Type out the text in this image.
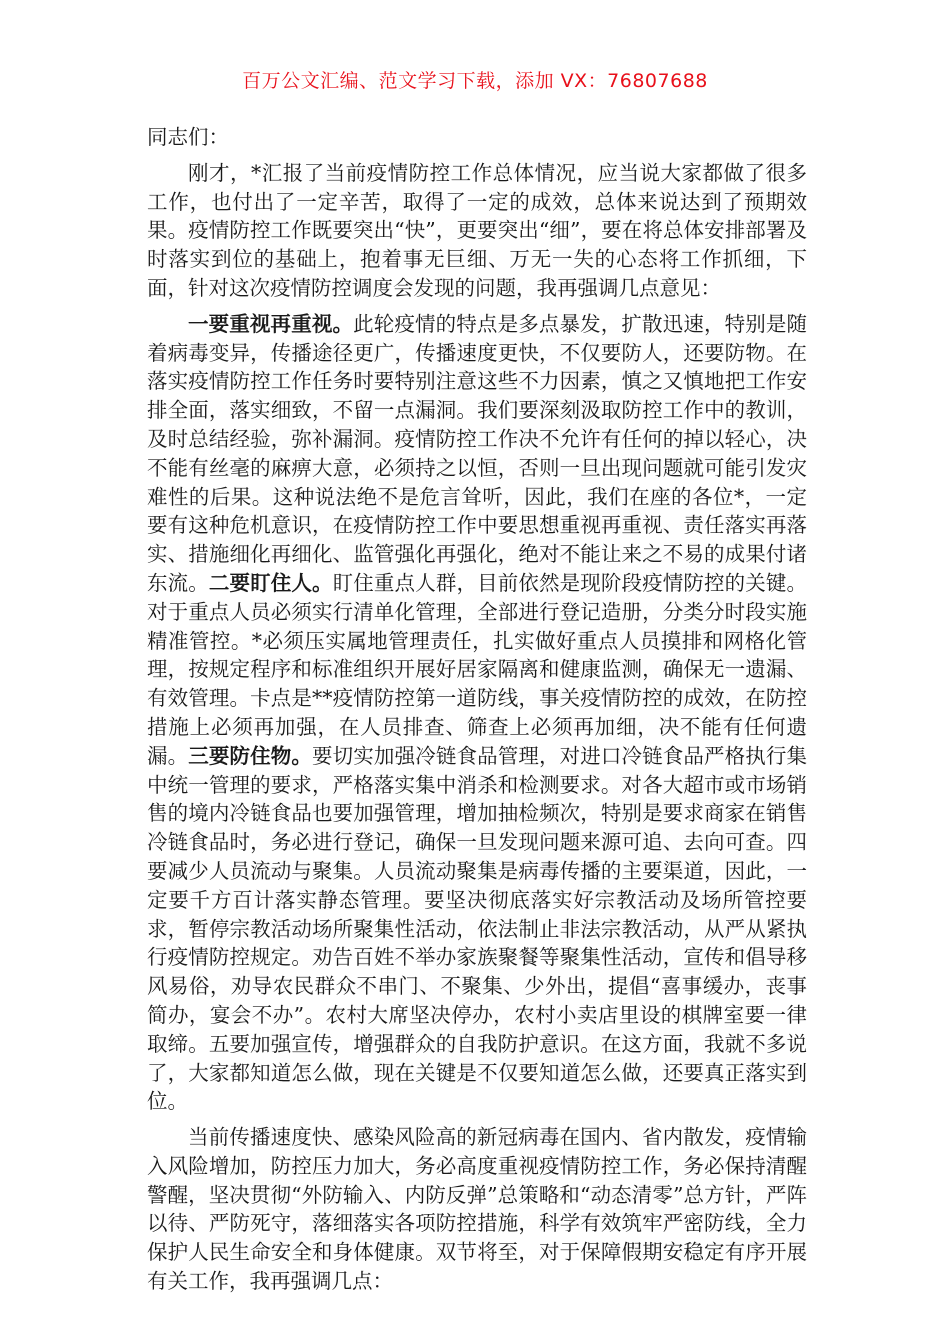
百万公文汇编、范文学习下载，添加 VX：76807688

同志们：

刚才，*汇报了当前疫情防控工作总体情况，应当说大家都做了很多工作，也付出了一定辛苦，取得了一定的成效，总体来说达到了预期效果。疫情防控工作既要突出“快”，更要突出“细”，要在将总体安排部署及时落实到位的基础上，抱着事无巨细、万无一失的心态将工作抓细，下面，针对这次疫情防控调度会发现的问题，我再强调几点意见：

一要重视再重视。此轮疫情的特点是多点暴发，扩散迅速，特别是随着病毒变异，传播途径更广，传播速度更快，不仅要防人，还要防物。在落实疫情防控工作任务时要特别注意这些不力因素，慎之又慎地把工作安排全面，落实细致，不留一点漏洞。我们要深刻汲取防控工作中的教训，及时总结经验，弥补漏洞。疫情防控工作决不允许有任何的掉以轻心，决不能有丝毫的麻痹大意，必须持之以恒，否则一旦出现问题就可能引发灾难性的后果。这种说法绝不是危言耸听，因此，我们在座的各位*，一定要有这种危机意识，在疫情防控工作中要思想重视再重视、责任落实再落实、措施细化再细化、监管强化再强化，绝对不能让来之不易的成果付诸东流。二要盯住人。盯住重点人群，目前依然是现阶段疫情防控的关键。对于重点人员必须实行清单化管理，全部进行登记造册，分类分时段实施精准管控。*必须压实属地管理责任，扎实做好重点人员摸排和网格化管理，按规定程序和标准组织开展好居家隔离和健康监测，确保无一遗漏、有效管理。卡点是**疫情防控第一道防线，事关疫情防控的成效，在防控措施上必须再加强，在人员排查、筛查上必须再加细，决不能有任何遗漏。三要防住物。要切实加强冷链食品管理，对进口冷链食品严格执行集中统一管理的要求，严格落实集中消杀和检测要求。对各大超市或市场销售的境内冷链食品也要加强管理，增加抽检频次，特别是要求商家在销售冷链食品时，务必进行登记，确保一旦发现问题来源可追、去向可查。四要减少人员流动与聚集。人员流动聚集是病毒传播的主要渠道，因此，一定要千方百计落实静态管理。要坚决彻底落实好宗教活动及场所管控要求，暂停宗教活动场所聚集性活动，依法制止非法宗教活动，从严从紧执行疫情防控规定。劝告百姓不举办家族聚餐等聚集性活动，宣传和倡导移风易俗，劝导农民群众不串门、不聚集、少外出，提倡“喜事缓办，丧事简办，宴会不办”。农村大席坚决停办，农村小卖店里设的棋牌室要一律取缔。五要加强宣传，增强群众的自我防护意识。在这方面，我就不多说了，大家都知道怎么做，现在关键是不仅要知道怎么做，还要真正落实到位。

当前传播速度快、感染风险高的新冠病毒在国内、省内散发，疫情输入风险增加，防控压力加大，务必高度重视疫情防控工作，务必保持清醒警醒，坚决贯彻“外防输入、内防反弹”总策略和“动态清零”总方针，严阵以待、严防死守，落细落实各项防控措施，科学有效筑牢严密防线，全力保护人民生命安全和身体健康。双节将至，对于保障假期安稳定有序开展有关工作，我再强调几点：
